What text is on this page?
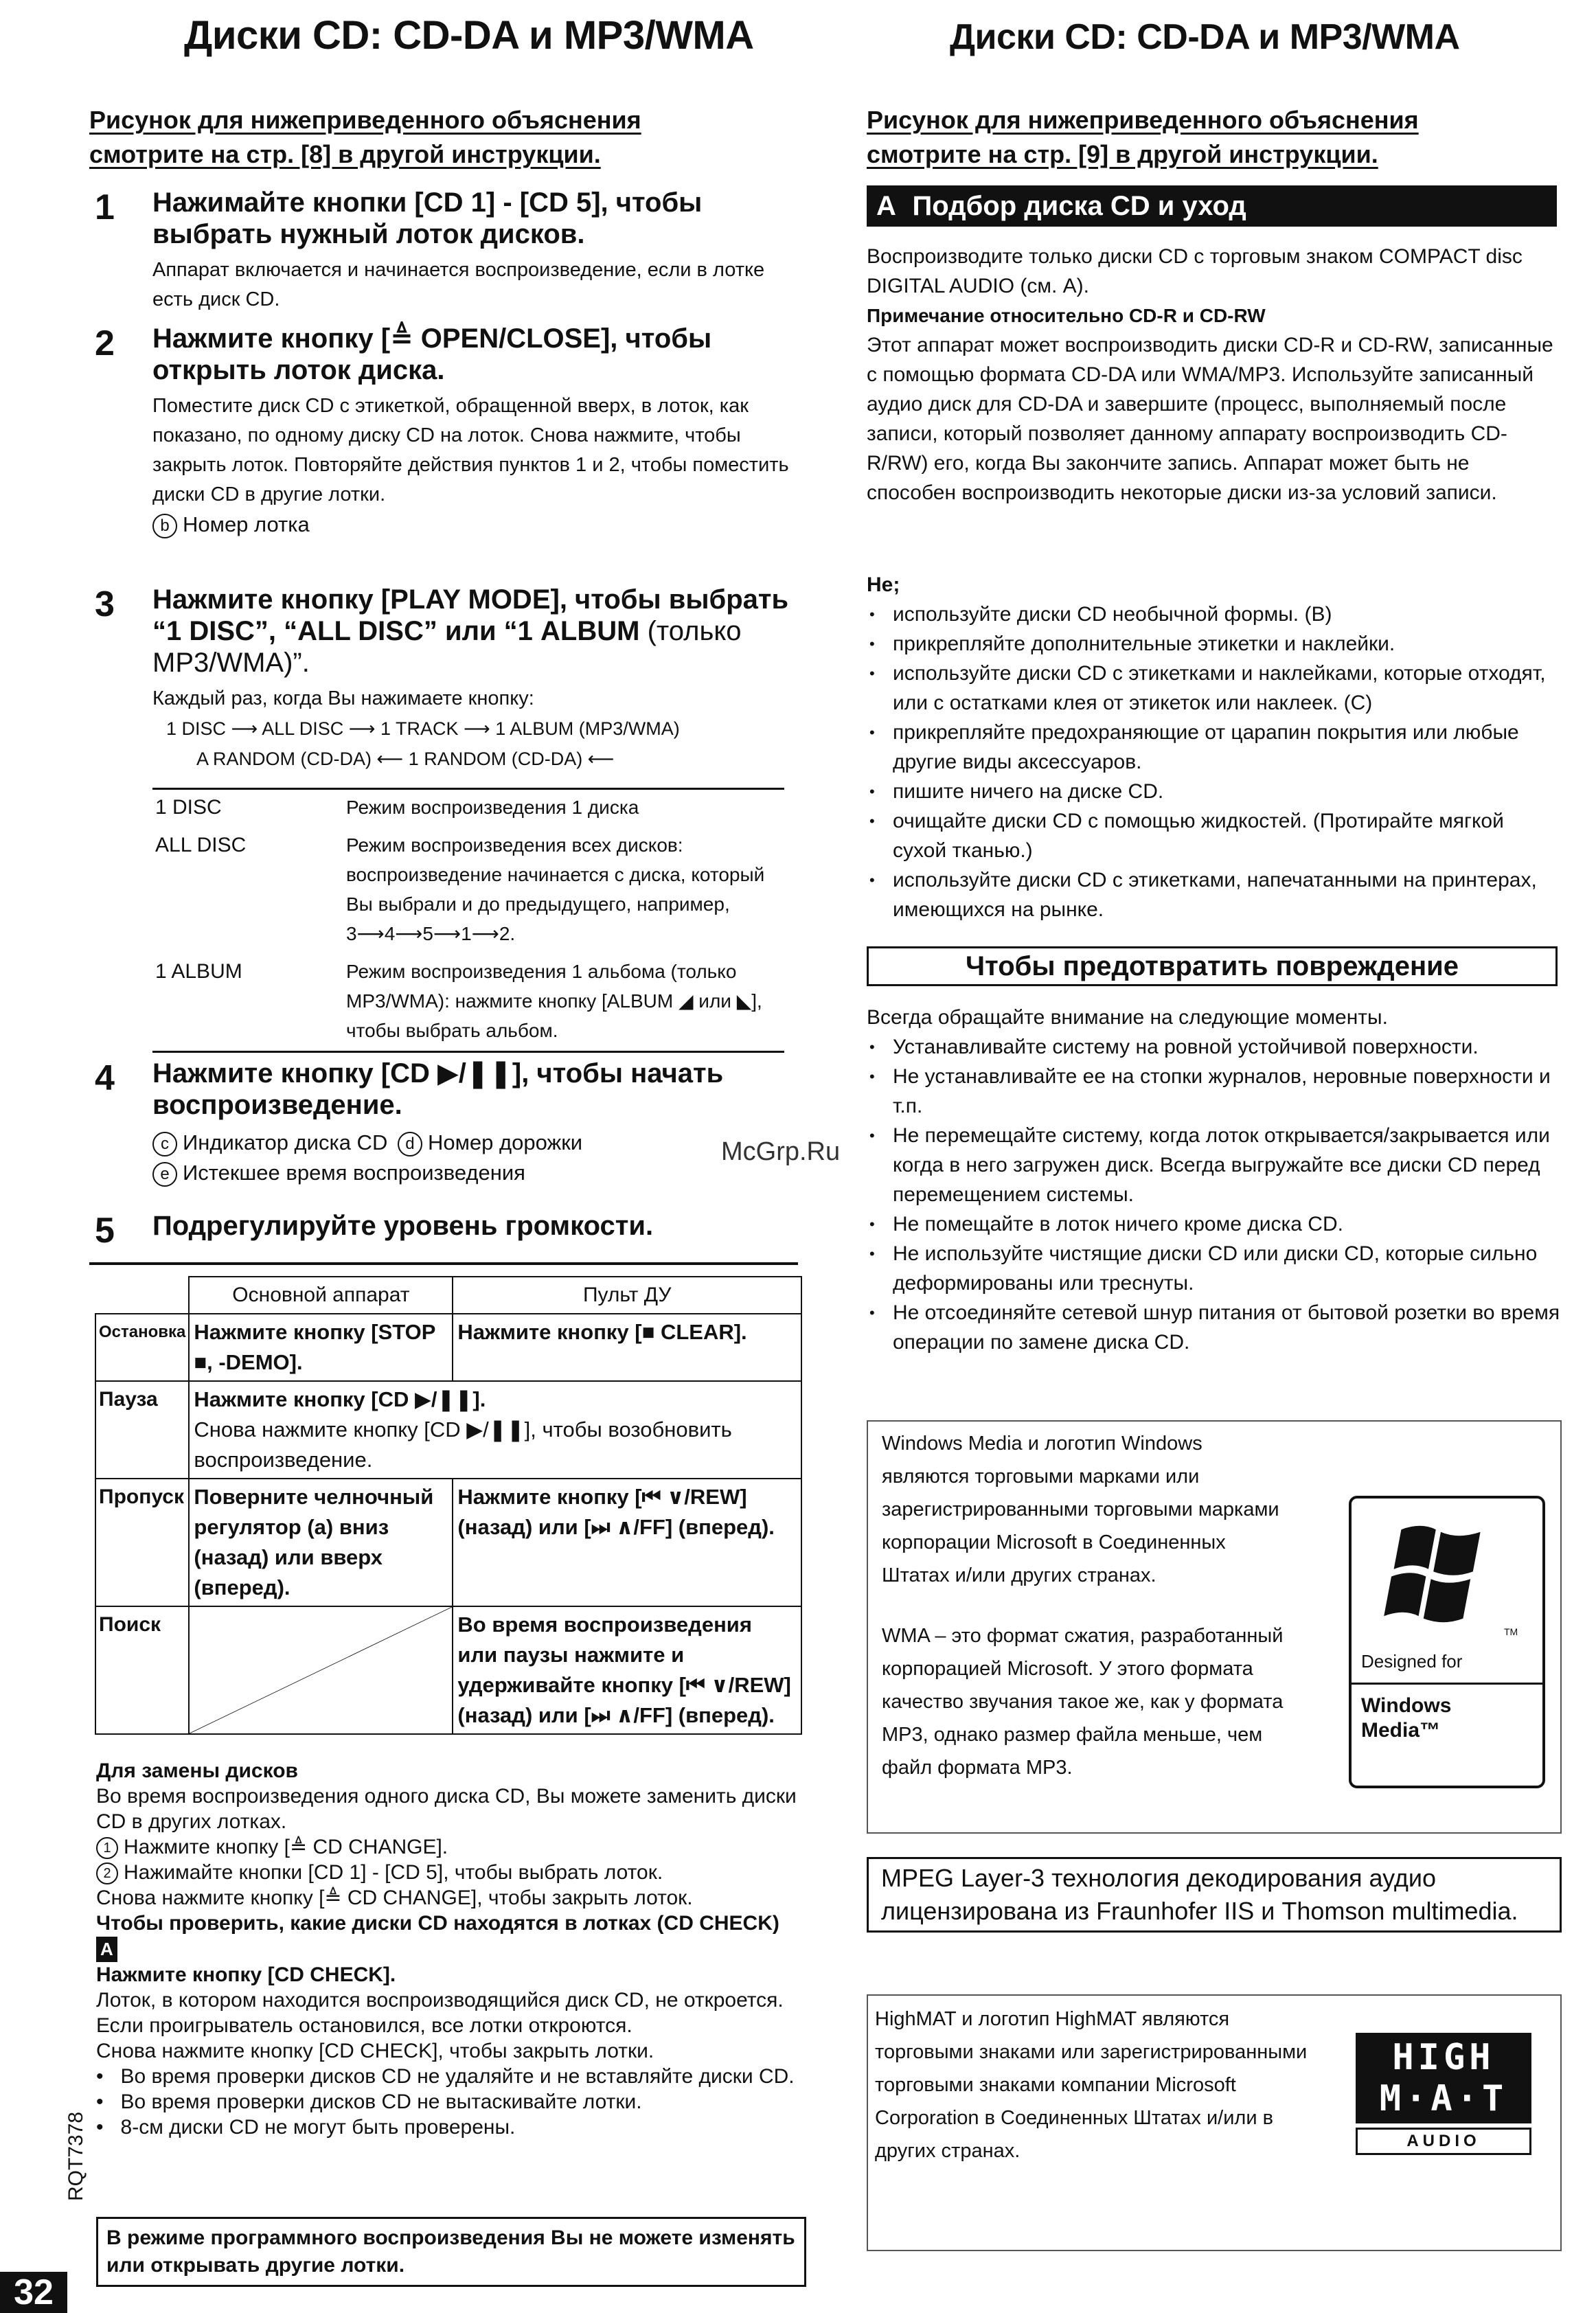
Диски CD: CD-DA и MP3/WMA
Рисунок для нижеприведенного объяснения
смотрите на стр. [8] в другой инструкции.
1 Нажимайте кнопки [CD 1] - [CD 5], чтобы выбрать нужный лоток дисков.
Аппарат включается и начинается воспроизведение, если в лотке есть диск CD.
2 Нажмите кнопку [≜ OPEN/CLOSE], чтобы открыть лоток диска.
Поместите диск CD с этикеткой, обращенной вверх, в лоток, как показано, по одному диску CD на лоток. Снова нажмите, чтобы закрыть лоток. Повторяйте действия пунктов 1 и 2, чтобы поместить диски CD в другие лотки.
b Номер лотка
3 Нажмите кнопку [PLAY MODE], чтобы выбрать “1 DISC”, “ALL DISC” или “1 ALBUM (только MP3/WMA)”.
Каждый раз, когда Вы нажимаете кнопку:
1 DISC ⟶ ALL DISC ⟶ 1 TRACK ⟶ 1 ALBUM (MP3/WMA)
A RANDOM (CD-DA) ⟵ 1 RANDOM (CD-DA) ⟵
1 DISC	Режим воспроизведения 1 диска
ALL DISC	Режим воспроизведения всех дисков: воспроизведение начинается с диска, который Вы выбрали и до предыдущего, например, 3⟶4⟶5⟶1⟶2.
1 ALBUM	Режим воспроизведения 1 альбома (только MP3/WMA): нажмите кнопку [ALBUM ◢ или ◣], чтобы выбрать альбом.
4 Нажмите кнопку [CD ▶/❚❚], чтобы начать воспроизведение.
c Индикатор диска CD d Номер дорожки
e Истекшее время воспроизведения
5 Подрегулируйте уровень громкости.
	Основной аппарат	Пульт ДУ
Остановка	Нажмите кнопку [STOP ■, -DEMO].	Нажмите кнопку [■ CLEAR].
Пауза	Нажмите кнопку [CD ▶/❚❚].
Снова нажмите кнопку [CD ▶/❚❚], чтобы возобновить воспроизведение.	

Пропуск	Поверните челночный регулятор (a) вниз (назад) или вверх (вперед).	Нажмите кнопку [⏮ ∨/REW] (назад) или [⏭ ∧/FF] (вперед).
Поиск		Во время воспроизведения или паузы нажмите и удерживайте кнопку [⏮ ∨/REW] (назад) или [⏭ ∧/FF] (вперед).
Для замены дисков
Во время воспроизведения одного диска CD, Вы можете заменить диски CD в других лотках.
1 Нажмите кнопку [≜ CD CHANGE].
2 Нажимайте кнопки [CD 1] - [CD 5], чтобы выбрать лоток.
Снова нажмите кнопку [≜ CD CHANGE], чтобы закрыть лоток.
Чтобы проверить, какие диски CD находятся в лотках (CD CHECK) A
Нажмите кнопку [CD CHECK].
Лоток, в котором находится воспроизводящийся диск CD, не откроется.
Если проигрыватель остановился, все лотки откроются.
Снова нажмите кнопку [CD CHECK], чтобы закрыть лотки.
•   Во время проверки дисков CD не удаляйте и не вставляйте диски CD.
•   Во время проверки дисков CD не вытаскивайте лотки.
•   8-см диски CD не могут быть проверены.
В режиме программного воспроизведения Вы не можете изменять или открывать другие лотки.
Диски CD: CD-DA и MP3/WMA
Рисунок для нижеприведенного объяснения
смотрите на стр. [9] в другой инструкции.
A Подбор диска CD и уход
Воспроизводите только диски CD с торговым знаком COMPACT disc DIGITAL AUDIO (см. A).
Примечание относительно CD-R и CD-RW
Этот аппарат может воспроизводить диски CD-R и CD-RW, записанные с помощью формата CD-DA или WMA/MP3. Используйте записанный аудио диск для CD-DA и завершите (процесс, выполняемый после записи, который позволяет данному аппарату воспроизводить CD-R/RW) его, когда Вы закончите запись. Аппарат может быть не способен воспроизводить некоторые диски из-за условий записи.
Не;
• используйте диски CD необычной формы. (B)
• прикрепляйте дополнительные этикетки и наклейки.
• используйте диски CD с этикетками и наклейками, которые отходят, или с остатками клея от этикеток или наклеек. (C)
• прикрепляйте предохраняющие от царапин покрытия или любые другие виды аксессуаров.
• пишите ничего на диске CD.
• очищайте диски CD с помощью жидкостей. (Протирайте мягкой сухой тканью.)
• используйте диски CD с этикетками, напечатанными на принтерах, имеющихся на рынке.
Чтобы предотвратить повреждение
Всегда обращайте внимание на следующие моменты.
• Устанавливайте систему на ровной устойчивой поверхности.
• Не устанавливайте ее на стопки журналов, неровные поверхности и т.п.
• Не перемещайте систему, когда лоток открывается/закрывается или когда в него загружен диск. Всегда выгружайте все диски CD перед перемещением системы.
• Не помещайте в лоток ничего кроме диска CD.
• Не используйте чистящие диски CD или диски CD, которые сильно деформированы или треснуты.
• Не отсоединяйте сетевой шнур питания от бытовой розетки во время операции по замене диска CD.
Windows Media и логотип Windows являются торговыми марками или зарегистрированными торговыми марками корпорации Microsoft в Соединенных Штатах и/или других странах.
WMA – это формат сжатия, разработанный корпорацией Microsoft. У этого формата качество звучания такое же, как у формата MP3, однако размер файла меньше, чем файл формата MP3.
TM
Designed for
Windows
Media™
MPEG Layer-3 технология декодирования аудио лицензирована из Fraunhofer IIS и Thomson multimedia.
HighMAT и логотип HighMAT являются торговыми знаками или зарегистрированными торговыми знаками компании Microsoft Corporation в Соединенных Штатах и/или в других странах.
HIGH
M·A·T
AUDIO
McGrp.Ru
RQT7378
32
